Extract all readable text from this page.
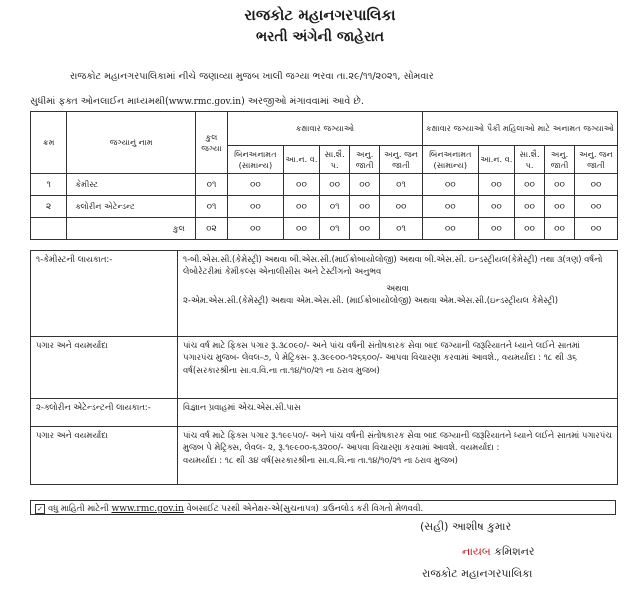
રાજકોટ મહાનગરપાલિકા
ભરતી અંગેની જાહેરાત

રાજકોટ મહાનગરપાલિકામાં નીચે જણાવ્યા મુજબ ખાલી જગ્યા ભરવા તા.૨૯/૧૧/૨૦૨૧, સોમવાર

સુધીમાં ફક્ત ઓનલાઈન માધ્યમથી(www.rmc.gov.in) અરજીઓ મંગાવવામાં આવે છે.

ક્રમ	જગ્યાનું નામ	કુલ જગ્યા	કક્ષાવાર જગ્યાઓ					કક્ષાવાર જગ્યાઓ પૈકી મહિલાઓ માટે અનામત જગ્યાઓ				
			બિનઅનામત (સામાન્ય)	આ.ન. વ.	સા.શૈ. પ.	અનુ. જાતી	અનુ. જન જાતી	બિનઅનામત (સામાન્ય)	આ.ન. વ.	સા.શૈ. પ.	અનુ. જાતી	અનુ. જન જાતી
૧	કેમીસ્ટ	૦૧	૦૦	૦૦	૦૦	૦૦	૦૧	૦૦	૦૦	૦૦	૦૦	૦૦
૨	ક્લોરીન એટેન્ડન્ટ	૦૧	૦૦	૦૦	૦૧	૦૦	૦૦	૦૦	૦૦	૦૦	૦૦	૦૦
	કુલ	૦૨	૦૦	૦૦	૦૧	૦૦	૦૧	૦૦	૦૦	૦૦	૦૦	૦૦
૧-કેમીસ્ટની લાયકાત:-	૧-બી.એસ.સી.(કેમેસ્ટ્રી) અથવા બી.એસ.સી.(માઈક્રોબાયોલોજી) અથવા બી.એસ.સી. ઇન્ડસ્ટ્રીયલ(કેમેસ્ટ્રી) તથા ૩(ત્રણ) વર્ષનો લેબોરેટરીમાં કેમીકલ્સ એનાલીસીસ અને ટેસ્ટીંગનો અનુભવ
અથવા
૨-એમ.એસ.સી.(કેમેસ્ટ્રી) અથવા એમ.એસ.સી. (માઈક્રોબાયોલોજી) અથવા એમ.એસ.સી.(ઇન્ડસ્ટ્રીયલ કેમેસ્ટ્રી)

પગાર અને વયમર્યાદા	પાંચ વર્ષ માટે ફિક્સ પગાર રૂ.૩૮૦૯૦/- અને પાંચ વર્ષની સંતોષકારક સેવા બાદ જગ્યાની જરૂરિયાતને ધ્યાને લઈને સાતમાં પગારપંચ મુજબ- લેવલ-૭, પે મેટ્રિક્સ- રૂ.૩૯૯૦૦-૧૨૬૬૦૦/- આપવા વિચારણા કરવામાં આવશે., વયમર્યાદા : ૧૮ થી ૩૬ વર્ષ(સરકારશ્રીના સા.વ.વિ.ના તા.૧૪/૧૦/૨૧ ના ઠરાવ મુજબ)
૨-ક્લોરીન એટેન્ડન્ટની લાયકાત:-	વિજ્ઞાન પ્રવાહમાં એચ.એસ.સી.પાસ
પગાર અને વયમર્યાદા	પાંચ વર્ષ માટે ફિક્સ પગાર રૂ.૧૯૯૫૦/- અને પાંચ વર્ષની સંતોષકારક સેવા બાદ જગ્યાની જરૂરિયાતને ધ્યાને લઈને સાતમાં પગારપંચ મુજબ પે મેટ્રિક્સ, લેવલ- ૨, રૂ.૧૯૯૦૦-૬૩૨૦૦/- આપવા વિચારણા કરવામાં આવશે. વયમર્યાદા :
વયમર્યાદા : ૧૮ થી ૩૪ વર્ષ(સરકારશ્રીના સા.વ.વિ.ના તા.૧૪/૧૦/૨૧ ના ઠરાવ મુજબ)
✓ વધુ માહિતી માટેની www.rmc.gov.in વેબસાઈટ પરથી એનેક્ષર-એ(સુચનાપત્ર) ડાઉનલોડ કરી વિગતો મેળવવી.
(સહી) આશીષ કુમાર
નાયબ કમિશનર
રાજકોટ મહાનગરપાલિકા
